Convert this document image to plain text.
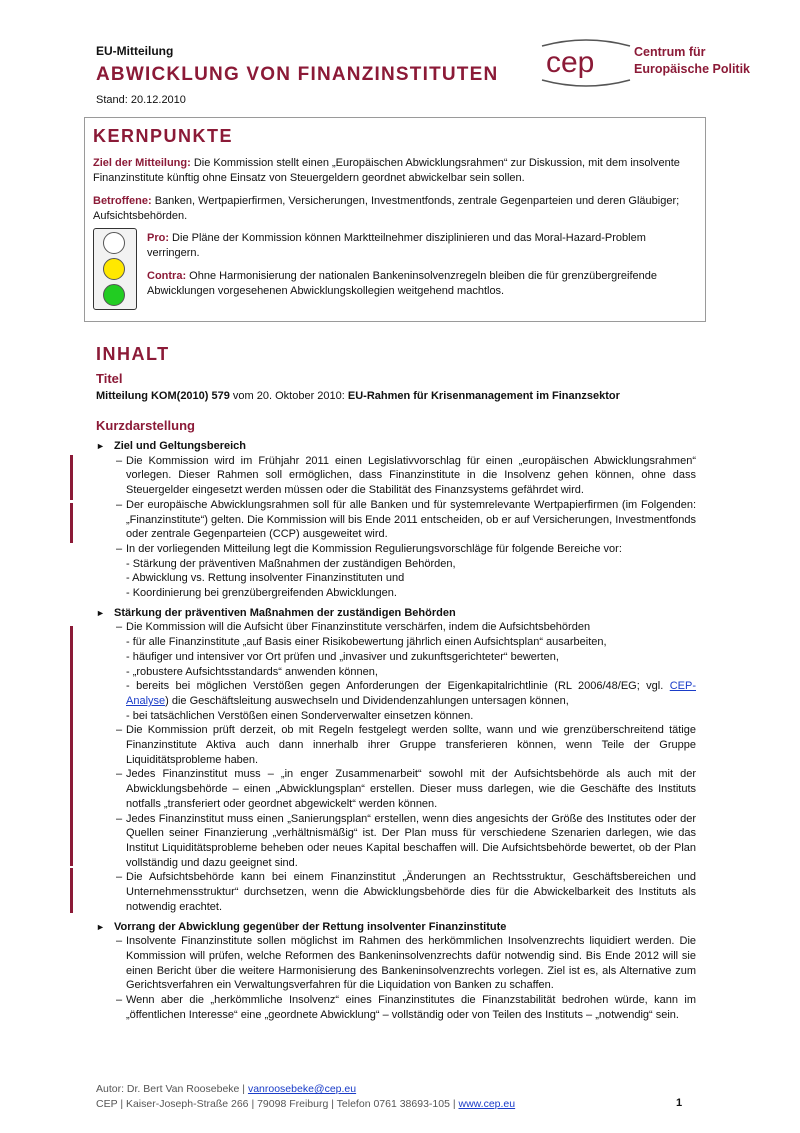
EU-Mitteilung
ABWICKLUNG VON FINANZINSTITUTEN
Stand: 20.12.2010
cep	Centrum für
Europäische Politik
KERNPUNKTE
Ziel der Mitteilung: Die Kommission stellt einen „Europäischen Abwicklungsrahmen“ zur Diskussion, mit dem insolvente Finanzinstitute künftig ohne Einsatz von Steuergeldern geordnet abwickelbar sein sollen.
Betroffene: Banken, Wertpapierfirmen, Versicherungen, Investmentfonds, zentrale Gegenparteien und deren Gläubiger; Aufsichtsbehörden.
Pro: Die Pläne der Kommission können Marktteilnehmer disziplinieren und das Moral-Hazard-Problem verringern.
Contra: Ohne Harmonisierung der nationalen Bankeninsolvenzregeln bleiben die für grenzübergreifende Abwicklungen vorgesehenen Abwicklungskollegien weitgehend machtlos.
INHALT
Titel
Mitteilung KOM(2010) 579 vom 20. Oktober 2010: EU-Rahmen für Krisenmanagement im Finanzsektor
Kurzdarstellung
► Ziel und Geltungsbereich
– Die Kommission wird im Frühjahr 2011 einen Legislativvorschlag für einen „europäischen Abwicklungsrahmen“ vorlegen. Dieser Rahmen soll ermöglichen, dass Finanzinstitute in die Insolvenz gehen können, ohne dass Steuergelder eingesetzt werden müssen oder die Stabilität des Finanzsystems gefährdet wird.
– Der europäische Abwicklungsrahmen soll für alle Banken und für systemrelevante Wertpapierfirmen (im Folgenden: „Finanzinstitute“) gelten. Die Kommission will bis Ende 2011 entscheiden, ob er auf Versicherungen, Investmentfonds oder zentrale Gegenparteien (CCP) ausgeweitet wird.
– In der vorliegenden Mitteilung legt die Kommission Regulierungsvorschläge für folgende Bereiche vor:
- Stärkung der präventiven Maßnahmen der zuständigen Behörden,
- Abwicklung vs. Rettung insolventer Finanzinstituten und
- Koordinierung bei grenzübergreifenden Abwicklungen.
► Stärkung der präventiven Maßnahmen der zuständigen Behörden
– Die Kommission will die Aufsicht über Finanzinstitute verschärfen, indem die Aufsichtsbehörden
- für alle Finanzinstitute „auf Basis einer Risikobewertung jährlich einen Aufsichtsplan“ ausarbeiten,
- häufiger und intensiver vor Ort prüfen und „invasiver und zukunftsgerichteter“ bewerten,
- „robustere Aufsichtsstandards“ anwenden können,
- bereits bei möglichen Verstößen gegen Anforderungen der Eigenkapitalrichtlinie (RL 2006/48/EG; vgl. CEP-Analyse) die Geschäftsleitung auswechseln und Dividendenzahlungen untersagen können,
- bei tatsächlichen Verstößen einen Sonderverwalter einsetzen können.
– Die Kommission prüft derzeit, ob mit Regeln festgelegt werden sollte, wann und wie grenzüberschreitend tätige Finanzinstitute Aktiva auch dann innerhalb ihrer Gruppe transferieren können, wenn Teile der Gruppe Liquiditätsprobleme haben.
– Jedes Finanzinstitut muss – „in enger Zusammenarbeit“ sowohl mit der Aufsichtsbehörde als auch mit der Abwicklungsbehörde – einen „Abwicklungsplan“ erstellen. Dieser muss darlegen, wie die Geschäfte des Instituts notfalls „transferiert oder geordnet abgewickelt“ werden können.
– Jedes Finanzinstitut muss einen „Sanierungsplan“ erstellen, wenn dies angesichts der Größe des Institutes oder der Quellen seiner Finanzierung „verhältnismäßig“ ist. Der Plan muss für verschiedene Szenarien darlegen, wie das Institut Liquiditätsprobleme beheben oder neues Kapital beschaffen will. Die Aufsichtsbehörde bewertet, ob der Plan vollständig und dazu geeignet sind.
– Die Aufsichtsbehörde kann bei einem Finanzinstitut „Änderungen an Rechtsstruktur, Geschäftsbereichen und Unternehmensstruktur“ durchsetzen, wenn die Abwicklungsbehörde dies für die Abwickelbarkeit des Instituts als notwendig erachtet.
► Vorrang der Abwicklung gegenüber der Rettung insolventer Finanzinstitute
– Insolvente Finanzinstitute sollen möglichst im Rahmen des herkömmlichen Insolvenzrechts liquidiert werden. Die Kommission will prüfen, welche Reformen des Bankeninsolvenzrechts dafür notwendig sind. Bis Ende 2012 will sie einen Bericht über die weitere Harmonisierung des Bankeninsolvenzrechts vorlegen. Ziel ist es, als Alternative zum Gerichtsverfahren ein Verwaltungsverfahren für die Liquidation von Banken zu schaffen.
– Wenn aber die „herkömmliche Insolvenz“ eines Finanzinstitutes die Finanzstabilität bedrohen würde, kann im „öffentlichen Interesse“ eine „geordnete Abwicklung“ – vollständig oder von Teilen des Instituts – „notwendig“ sein.
Autor: Dr. Bert Van Roosebeke | vanroosebeke@cep.eu
CEP | Kaiser-Joseph-Straße 266 | 79098 Freiburg | Telefon 0761 38693-105 | www.cep.eu	1
